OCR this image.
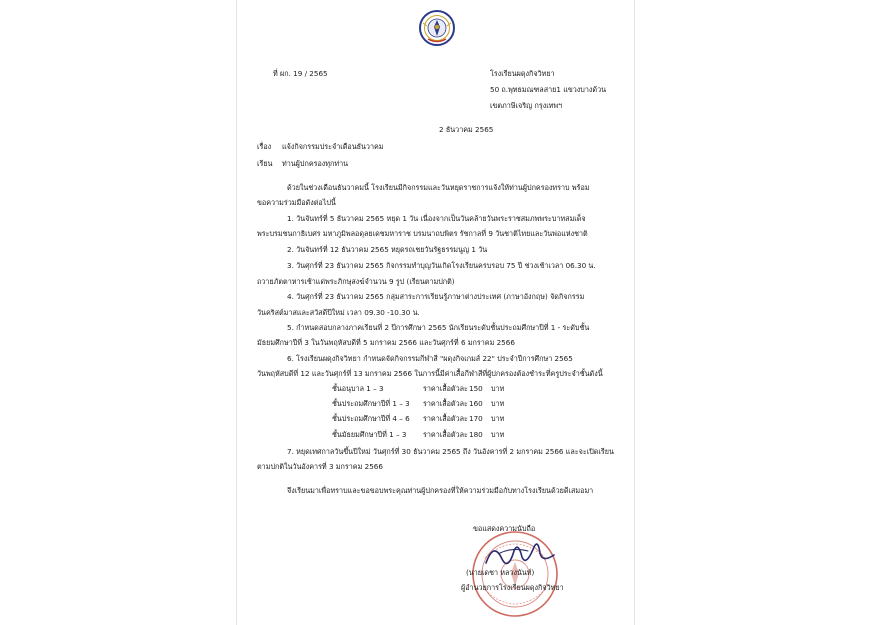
ที่ ผก. 19 / 2565	โรงเรียนผดุงกิจวิทยา
50 ถ.พุทธมณฑลสาย1 แขวงบางด้วน
เขตภาษีเจริญ กรุงเทพฯ
2 ธันวาคม 2565
เรื่อง แจ้งกิจกรรมประจำเดือนธันวาคม
เรียน ท่านผู้ปกครองทุกท่าน
ด้วยในช่วงเดือนธันวาคมนี้ โรงเรียนมีกิจกรรมและวันหยุดราชการแจ้งให้ท่านผู้ปกครองทราบ พร้อม
ขอความร่วมมือดังต่อไปนี้
1. วันจันทร์ที่ 5 ธันวาคม 2565 หยุด 1 วัน เนื่องจากเป็นวันคล้ายวันพระราชสมภพพระบาทสมเด็จ
พระบรมชนกาธิเบศร มหาภูมิพลอดุลยเดชมหาราช บรมนาถบพิตร รัชกาลที่ 9 วันชาติไทยและวันพ่อแห่งชาติ
2. วันจันทร์ที่ 12 ธันวาคม 2565 หยุดรถเชยวันรัฐธรรมนูญ 1 วัน
3. วันศุกร์ที่ 23 ธันวาคม 2565 กิจกรรมทำบุญวันเกิดโรงเรียนครบรอบ 75 ปี ช่วงเช้าเวลา 06.30 น.
ถวายภัตตาหารเช้าแด่พระภิกษุสงฆ์จำนวน 9 รูป (เรียนตามปกติ)
4. วันศุกร์ที่ 23 ธันวาคม 2565 กลุ่มสาระการเรียนรู้ภาษาต่างประเทศ (ภาษาอังกฤษ) จัดกิจกรรม
วันคริสต์มาสและสวัสดีปีใหม่ เวลา 09.30 -10.30 น.
5. กำหนดสอบกลางภาคเรียนที่ 2 ปีการศึกษา 2565 นักเรียนระดับชั้นประถมศึกษาปีที่ 1 - ระดับชั้น
มัธยมศึกษาปีที่ 3 ในวันพฤหัสบดีที่ 5 มกราคม 2566 และวันศุกร์ที่ 6 มกราคม 2566
6. โรงเรียนผดุงกิจวิทยา กำหนดจัดกิจกรรมกีฬาสี "ผดุงกิจเกมส์ 22" ประจำปีการศึกษา 2565
วันพฤหัสบดีที่ 12 และวันศุกร์ที่ 13 มกราคม 2566 ในการนี้มีค่าเสื้อกีฬาสีที่ผู้ปกครองต้องชำระที่ครูประจำชั้นดังนี้
ชั้นอนุบาล 1 – 3	ราคาเสื้อตัวละ 150 บาท
ชั้นประถมศึกษาปีที่ 1 – 3 ราคาเสื้อตัวละ 160 บาท
ชั้นประถมศึกษาปีที่ 4 – 6 ราคาเสื้อตัวละ 170 บาท
ชั้นมัธยมศึกษาปีที่ 1 – 3 ราคาเสื้อตัวละ 180 บาท
7. หยุดเทศกาลวันขึ้นปีใหม่ วันศุกร์ที่ 30 ธันวาคม 2565 ถึง วันอังคารที่ 2 มกราคม 2566 และจะเปิดเรียน
ตามปกติในวันอังคารที่ 3 มกราคม 2566
จึงเรียนมาเพื่อทราบและขอขอบพระคุณท่านผู้ปกครองที่ให้ความร่วมมือกับทางโรงเรียนด้วยดีเสมอมา
ขอแสดงความนับถือ
(นายเดชา หลวงนันท์)
ผู้อำนวยการโรงเรียนผดุงกิจวิทยา
